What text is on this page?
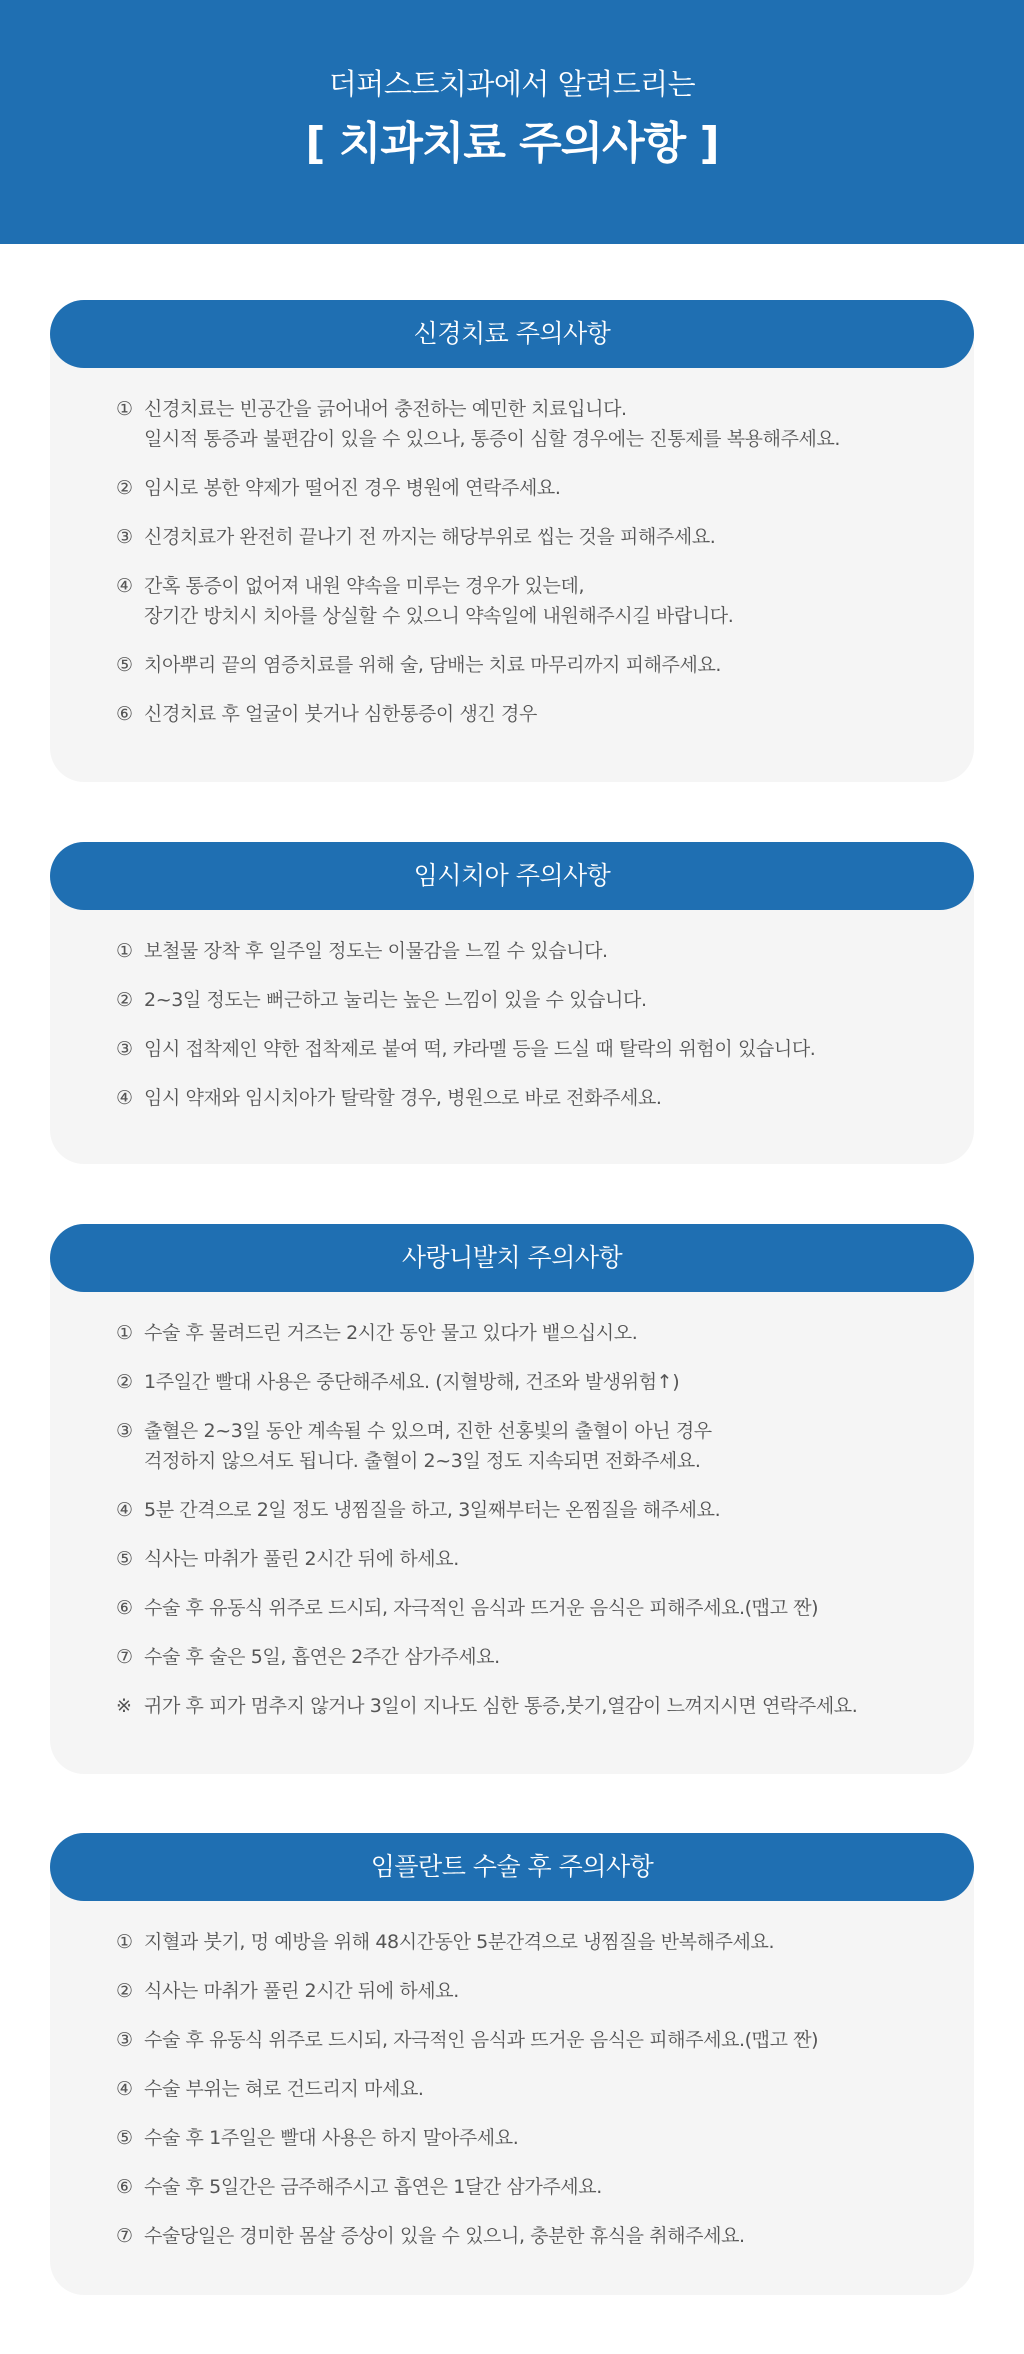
더퍼스트치과에서 알려드리는
[ 치과치료 주의사항 ]
신경치료 주의사항
① 신경치료는 빈공간을 긁어내어 충전하는 예민한 치료입니다.
일시적 통증과 불편감이 있을 수 있으나, 통증이 심할 경우에는 진통제를 복용해주세요.
② 임시로 봉한 약제가 떨어진 경우 병원에 연락주세요.
③ 신경치료가 완전히 끝나기 전 까지는 해당부위로 씹는 것을 피해주세요.
④ 간혹 통증이 없어져 내원 약속을 미루는 경우가 있는데,
장기간 방치시 치아를 상실할 수 있으니 약속일에 내원해주시길 바랍니다.
⑤ 치아뿌리 끝의 염증치료를 위해 술, 담배는 치료 마무리까지 피해주세요.
⑥ 신경치료 후 얼굴이 붓거나 심한통증이 생긴 경우
임시치아 주의사항
① 보철물 장착 후 일주일 정도는 이물감을 느낄 수 있습니다.
② 2~3일 정도는 뻐근하고 눌리는 높은 느낌이 있을 수 있습니다.
③ 임시 접착제인 약한 접착제로 붙여 떡, 캬라멜 등을 드실 때 탈락의 위험이 있습니다.
④ 임시 약재와 임시치아가 탈락할 경우, 병원으로 바로 전화주세요.
사랑니발치 주의사항
① 수술 후 물려드린 거즈는 2시간 동안 물고 있다가 뱉으십시오.
② 1주일간 빨대 사용은 중단해주세요. (지혈방해, 건조와 발생위험↑)
③ 출혈은 2~3일 동안 계속될 수 있으며, 진한 선홍빛의 출혈이 아닌 경우
걱정하지 않으셔도 됩니다. 출혈이 2~3일 정도 지속되면 전화주세요.
④ 5분 간격으로 2일 정도 냉찜질을 하고, 3일째부터는 온찜질을 해주세요.
⑤ 식사는 마취가 풀린 2시간 뒤에 하세요.
⑥ 수술 후 유동식 위주로 드시되, 자극적인 음식과 뜨거운 음식은 피해주세요.(맵고 짠)
⑦ 수술 후 술은 5일, 흡연은 2주간 삼가주세요.
※ 귀가 후 피가 멈추지 않거나 3일이 지나도 심한 통증,붓기,열감이 느껴지시면 연락주세요.
임플란트 수술 후 주의사항
① 지혈과 붓기, 멍 예방을 위해 48시간동안 5분간격으로 냉찜질을 반복해주세요.
② 식사는 마취가 풀린 2시간 뒤에 하세요.
③ 수술 후 유동식 위주로 드시되, 자극적인 음식과 뜨거운 음식은 피해주세요.(맵고 짠)
④ 수술 부위는 혀로 건드리지 마세요.
⑤ 수술 후 1주일은 빨대 사용은 하지 말아주세요.
⑥ 수술 후 5일간은 금주해주시고 흡연은 1달간 삼가주세요.
⑦ 수술당일은 경미한 몸살 증상이 있을 수 있으니, 충분한 휴식을 취해주세요.
